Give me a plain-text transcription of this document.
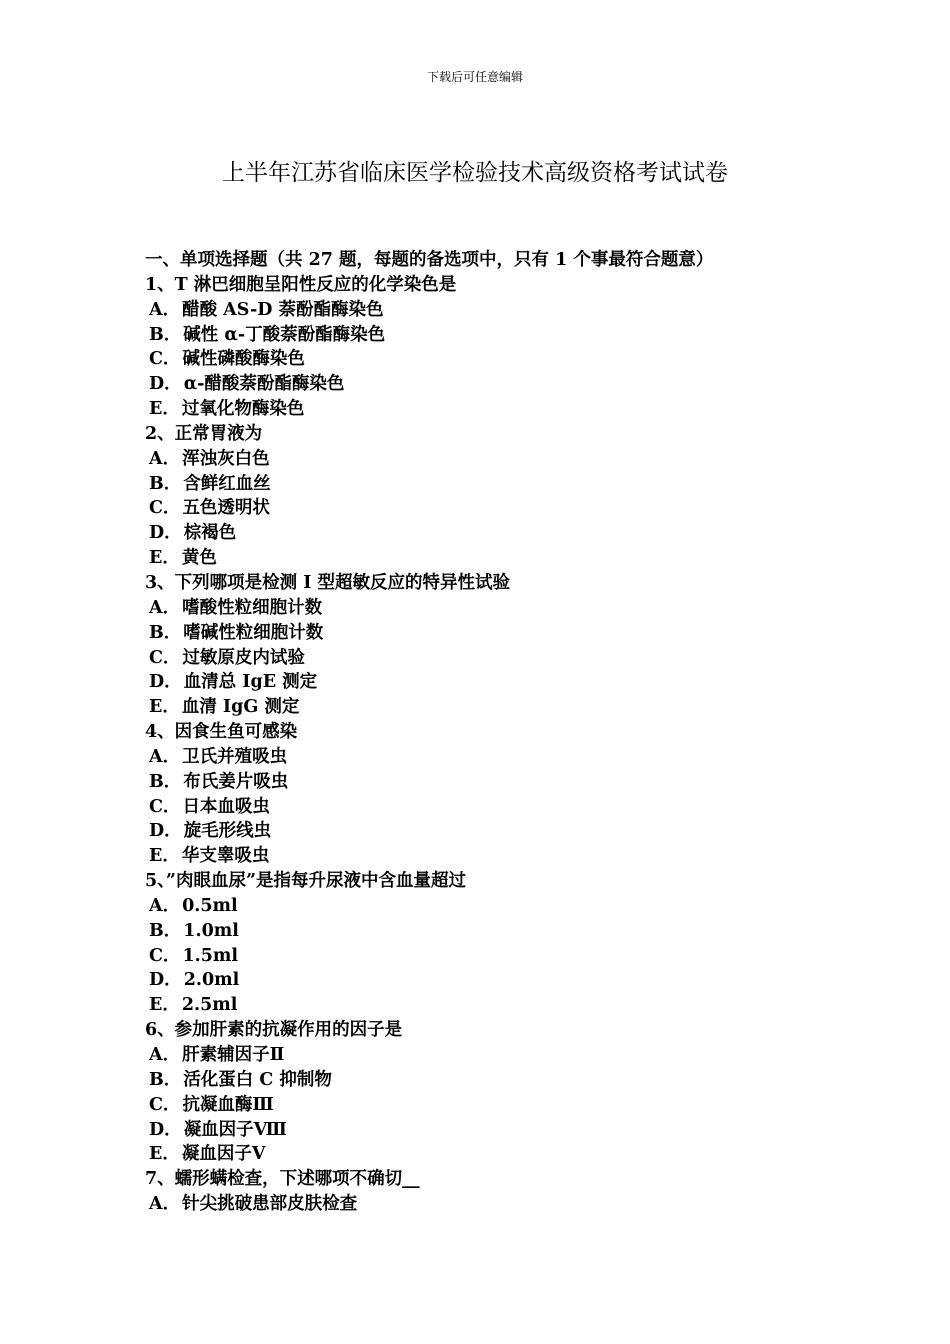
下载后可任意编辑
上半年江苏省临床医学检验技术高级资格考试试卷
一、单项选择题（共 27 题，每题的备选项中，只有 1 个事最符合题意）
1、T 淋巴细胞呈阳性反应的化学染色是
A． 醋酸 AS-D 萘酚酯酶染色
B． 碱性 α-丁酸萘酚酯酶染色
C． 碱性磷酸酶染色
D． α-醋酸萘酚酯酶染色
E． 过氧化物酶染色
2、正常胃液为
A． 浑浊灰白色
B． 含鲜红血丝
C． 五色透明状
D． 棕褐色
E． 黄色
3、下列哪项是检测 I 型超敏反应的特异性试验
A． 嗜酸性粒细胞计数
B． 嗜碱性粒细胞计数
C． 过敏原皮内试验
D． 血清总 IgE 测定
E． 血清 IgG 测定
4、因食生鱼可感染
A． 卫氏并殖吸虫
B． 布氏姜片吸虫
C． 日本血吸虫
D． 旋毛形线虫
E． 华支睾吸虫
5、”肉眼血尿”是指每升尿液中含血量超过
A． 0.5ml
B． 1.0ml
C． 1.5ml
D． 2.0ml
E． 2.5ml
6、参加肝素的抗凝作用的因子是
A． 肝素辅因子Ⅱ
B． 活化蛋白 C 抑制物
C． 抗凝血酶Ⅲ
D． 凝血因子Ⅷ
E． 凝血因子Ⅴ
7、蠕形螨检查，下述哪项不确切__
A． 针尖挑破患部皮肤检查
